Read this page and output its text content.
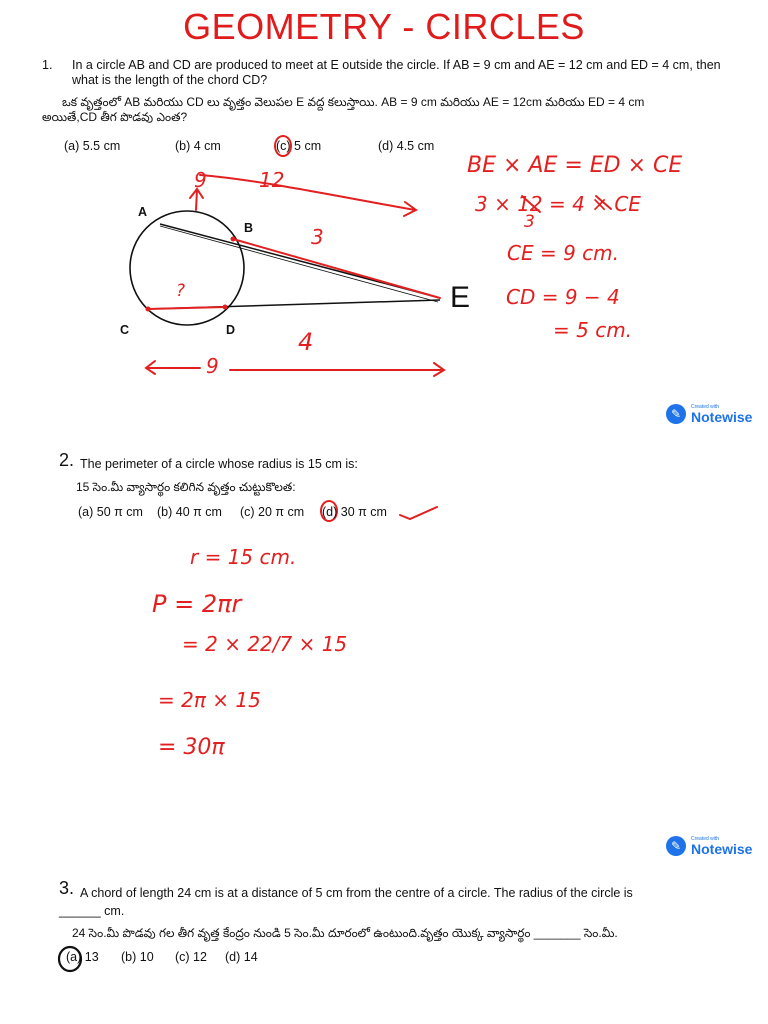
GEOMETRY - CIRCLES
1. In a circle AB and CD are produced to meet at E outside the circle. If AB = 9 cm and AE = 12 cm and ED = 4 cm, then
what is the length of the chord CD?
ఒక వృత్తంలో AB మరియు CD లు వృత్తం వెలుపల E వద్ద కలుస్తాయి. AB = 9 cm మరియు AE = 12cm మరియు ED = 4 cm
అయితే,CD తీగ పొడవు ఎంత?
(a) 5.5 cm	(b) 4 cm	(c) 5 cm	(d) 4.5 cm
A
B
C	D
E
9	12
3
?
4
9
BE × AE = ED × CE
3 × 12 = 4 × CE
3
CE = 9 cm.
CD = 9 − 4
= 5 cm.
✎
Created with
Notewise
2. The perimeter of a circle whose radius is 15 cm is:
15 సెం.మీ వ్యాసార్థం కలిగిన వృత్తం చుట్టుకొలత:
(a) 50 π cm (b) 40 π cm (c) 20 π cm (d) 30 π cm
r = 15 cm.
P = 2πr
= 2 × 22/7 × 15
= 2π × 15
= 30π
✎
Created with
Notewise
3. A chord of length 24 cm is at a distance of 5 cm from the centre of a circle. The radius of the circle is
______ cm.
24 సెం.మీ పొడవు గల తీగ వృత్త కేంద్రం నుండి 5 సెం.మీ దూరంలో ఉంటుంది.వృత్తం యొక్క వ్యాసార్థం _______ సెం.మీ.
(a) 13 (b) 10 (c) 12 (d) 14
